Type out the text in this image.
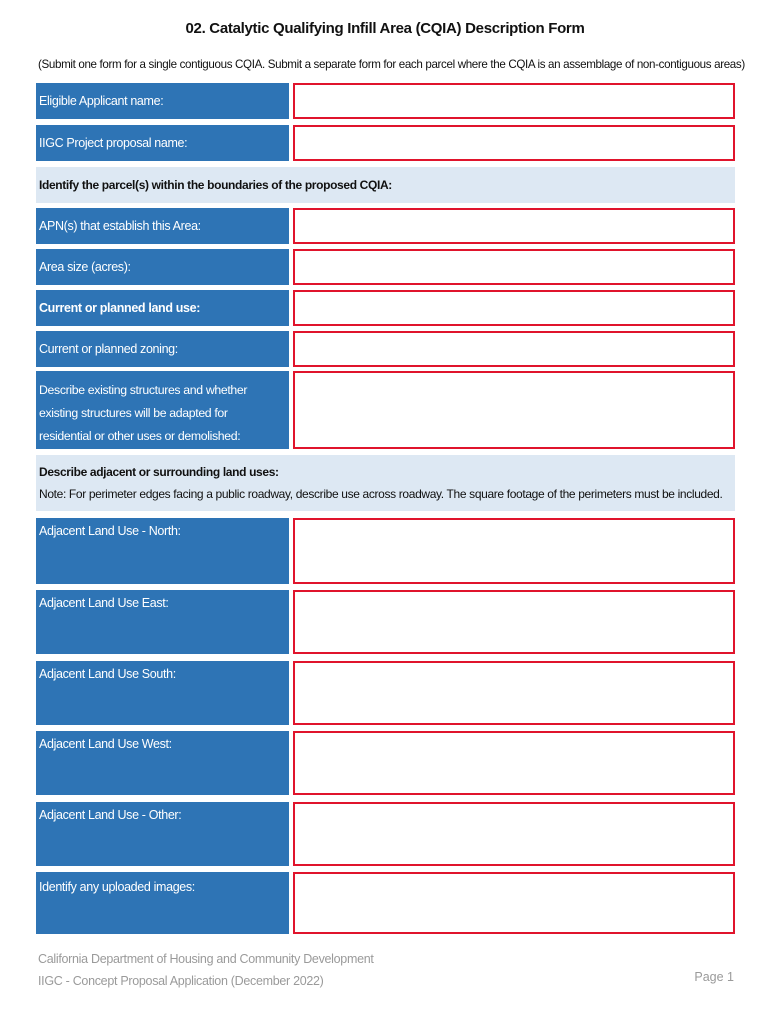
02. Catalytic Qualifying Infill Area (CQIA) Description Form
(Submit one form for a single contiguous CQIA. Submit a separate form for each parcel where the CQIA is an assemblage of non-contiguous areas)
Eligible Applicant name:
IIGC Project proposal name:
Identify the parcel(s) within the boundaries of the proposed CQIA:
APN(s) that establish this Area:
Area size (acres):
Current or planned land use:
Current or planned zoning:
Describe existing structures and whether
existing structures will be adapted for
residential or other uses or demolished:
Describe adjacent or surrounding land uses:
Note: For perimeter edges facing a public roadway, describe use across roadway. The square footage of the perimeters must be included.
Adjacent Land Use - North:
Adjacent Land Use East:
Adjacent Land Use South:
Adjacent Land Use West:
Adjacent Land Use - Other:
Identify any uploaded images:
California Department of Housing and Community Development
IIGC - Concept Proposal Application (December 2022)	Page 1
